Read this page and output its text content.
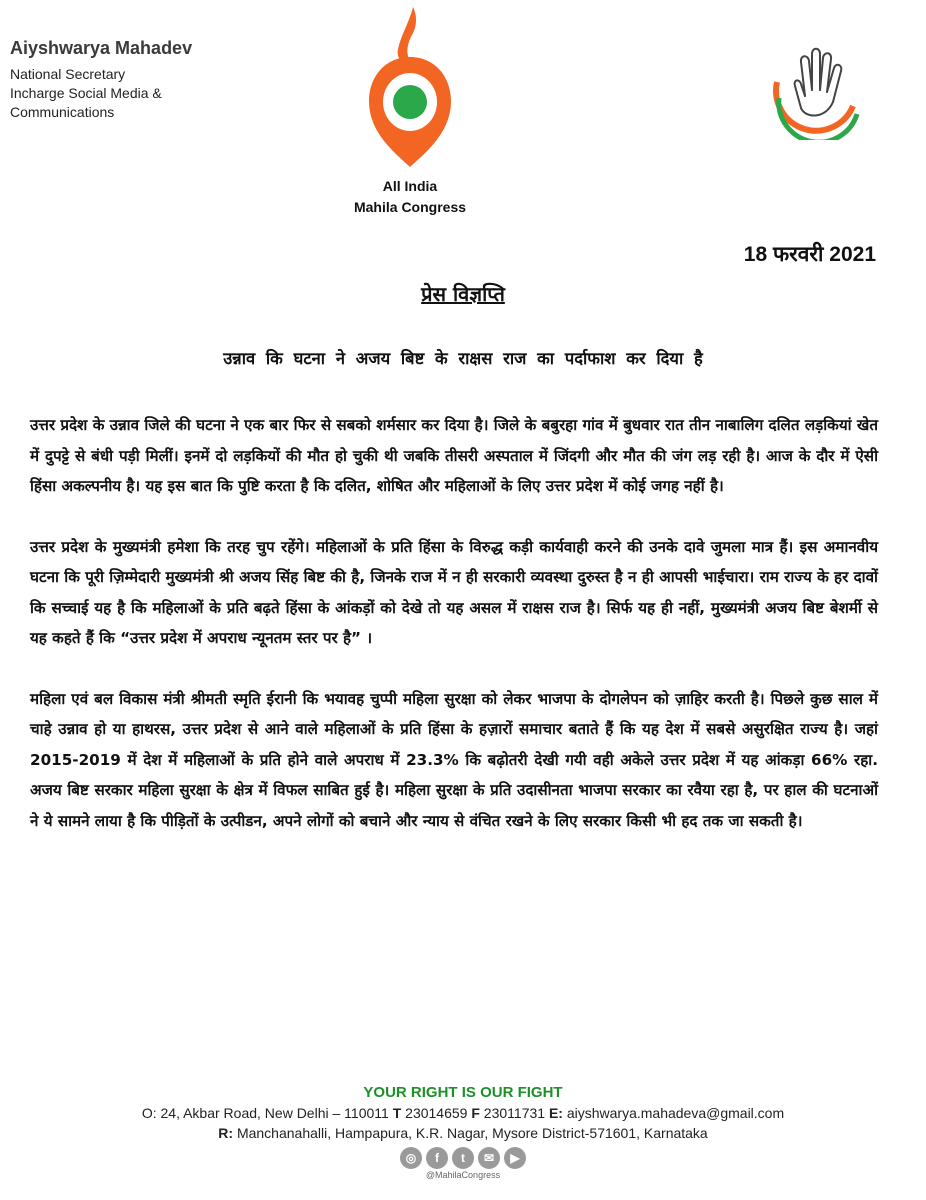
Aiyshwarya Mahadev
National Secretary
Incharge Social Media &
Communications
All India
Mahila Congress
18 फरवरी 2021
प्रेस विज्ञप्ति
उन्नाव कि घटना ने अजय बिष्ट के राक्षस राज का पर्दाफाश कर दिया है

उत्तर प्रदेश के उन्नाव जिले की घटना ने एक बार फिर से सबको शर्मसार कर दिया है। जिले के बबुरहा गांव में बुधवार रात तीन नाबालिग दलित लड़कियां खेत में दुपट्टे से बंधी पड़ी मिलीं। इनमें दो लड़कियों की मौत हो चुकी थी जबकि तीसरी अस्पताल में जिंदगी और मौत की जंग लड़ रही है। आज के दौर में ऐसी हिंसा अकल्पनीय है। यह इस बात कि पुष्टि करता है कि दलित, शोषित और महिलाओं के लिए उत्तर प्रदेश में कोई जगह नहीं है।

उत्तर प्रदेश के मुख्यमंत्री हमेशा कि तरह चुप रहेंगे। महिलाओं के प्रति हिंसा के विरुद्ध कड़ी कार्यवाही करने की उनके दावे जुमला मात्र हैं। इस अमानवीय घटना कि पूरी ज़िम्मेदारी मुख्यमंत्री श्री अजय सिंह बिष्ट की है, जिनके राज में न ही सरकारी व्यवस्था दुरुस्त है न ही आपसी भाईचारा। राम राज्य के हर दावों कि सच्चाई यह है कि महिलाओं के प्रति बढ़ते हिंसा के आंकड़ों को देखे तो यह असल में राक्षस राज है। सिर्फ यह ही नहीं, मुख्यमंत्री अजय बिष्ट बेशर्मी से यह कहते हैं कि “उत्तर प्रदेश में अपराध न्यूनतम स्तर पर है” ।

महिला एवं बल विकास मंत्री श्रीमती स्मृति ईरानी कि भयावह चुप्पी महिला सुरक्षा को लेकर भाजपा के दोगलेपन को ज़ाहिर करती है। पिछले कुछ साल में चाहे उन्नाव हो या हाथरस, उत्तर प्रदेश से आने वाले महिलाओं के प्रति हिंसा के हज़ारों समाचार बताते हैं कि यह देश में सबसे असुरक्षित राज्य है। जहां 2015-2019 में देश में महिलाओं के प्रति होने वाले अपराध में 23.3% कि बढ़ोतरी देखी गयी वही अकेले उत्तर प्रदेश में यह आंकड़ा 66% रहा. अजय बिष्ट सरकार महिला सुरक्षा के क्षेत्र में विफल साबित हुई है। महिला सुरक्षा के प्रति उदासीनता भाजपा सरकार का रवैया रहा है, पर हाल की घटनाओं ने ये सामने लाया है कि पीड़ितों के उत्पीडन, अपने लोगों को बचाने और न्याय से वंचित रखने के लिए सरकार किसी भी हद तक जा सकती है।

YOUR RIGHT IS OUR FIGHT
O: 24, Akbar Road, New Delhi – 110011 T 23014659 F 23011731 E: aiyshwarya.mahadeva@gmail.com
R: Manchanahalli, Hampapura, K.R. Nagar, Mysore District-571601, Karnataka
◎	f	t	✉	▶
@MahilaCongress
